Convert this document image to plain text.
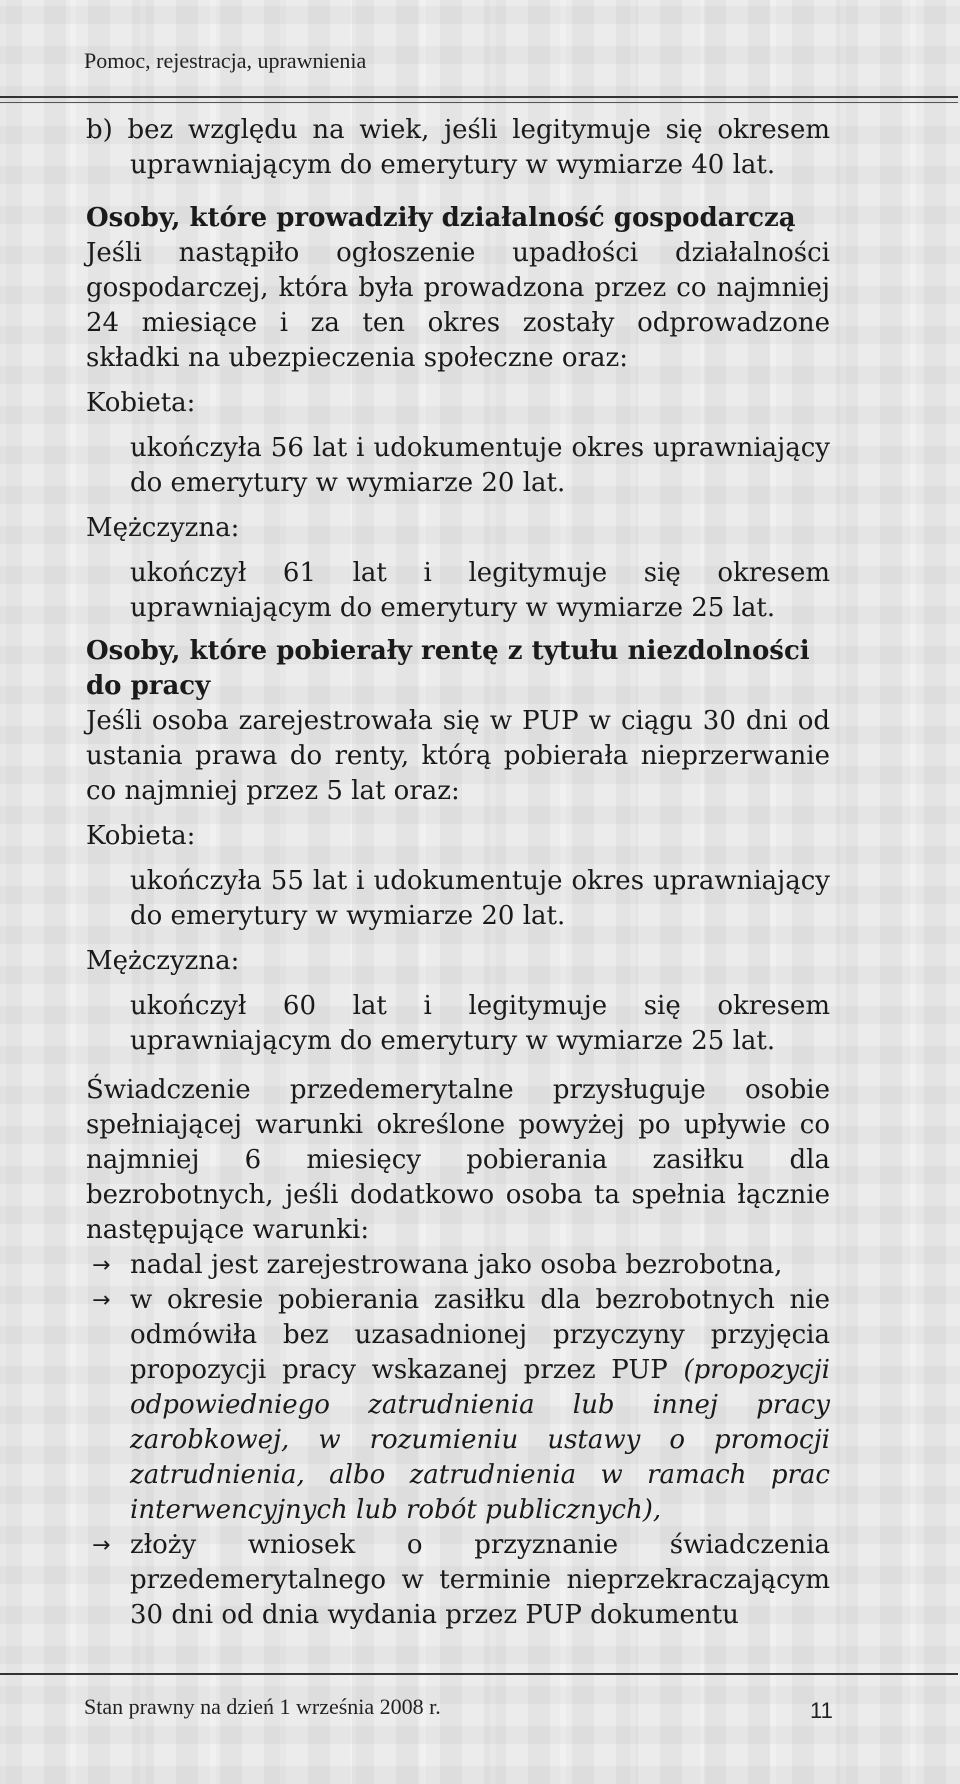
Pomoc, rejestracja, uprawnienia

b) bez względu na wiek, jeśli legitymuje się okresem uprawniającym do emerytury w wymiarze 40 lat.

Osoby, które prowadziły działalność gospodarczą

Jeśli nastąpiło ogłoszenie upadłości działalności gospodarczej, która była prowadzona przez co najmniej 24 miesiące i za ten okres zostały odprowadzone składki na ubezpieczenia społeczne oraz:

Kobieta:

ukończyła 56 lat i udokumentuje okres uprawniający do emerytury w wymiarze 20 lat.

Mężczyzna:

ukończył 61 lat i legitymuje się okresem uprawniającym do emerytury w wymiarze 25 lat.

Osoby, które pobierały rentę z tytułu niezdolności do pracy

Jeśli osoba zarejestrowała się w PUP w ciągu 30 dni od ustania prawa do renty, którą pobierała nieprzerwanie co najmniej przez 5 lat oraz:

Kobieta:

ukończyła 55 lat i udokumentuje okres uprawniający do emerytury w wymiarze 20 lat.

Mężczyzna:

ukończył 60 lat i legitymuje się okresem uprawniającym do emerytury w wymiarze 25 lat.

Świadczenie przedemerytalne przysługuje osobie spełniającej warunki określone powyżej po upływie co najmniej 6 miesięcy pobierania zasiłku dla bezrobotnych, jeśli dodatkowo osoba ta spełnia łącznie następujące warunki:

→ nadal jest zarejestrowana jako osoba bezrobotna,
→ w okresie pobierania zasiłku dla bezrobotnych nie odmówiła bez uzasadnionej przyczyny przyjęcia propozycji pracy wskazanej przez PUP (propozycji odpowiedniego zatrudnienia lub innej pracy zarobkowej, w rozumieniu ustawy o promocji zatrudnienia, albo zatrudnienia w ramach prac interwencyjnych lub robót publicznych),
→ złoży wniosek o przyznanie świadczenia przedemerytalnego w terminie nieprzekraczającym 30 dni od dnia wydania przez PUP dokumentu
Stan prawny na dzień 1 września 2008 r.	11
